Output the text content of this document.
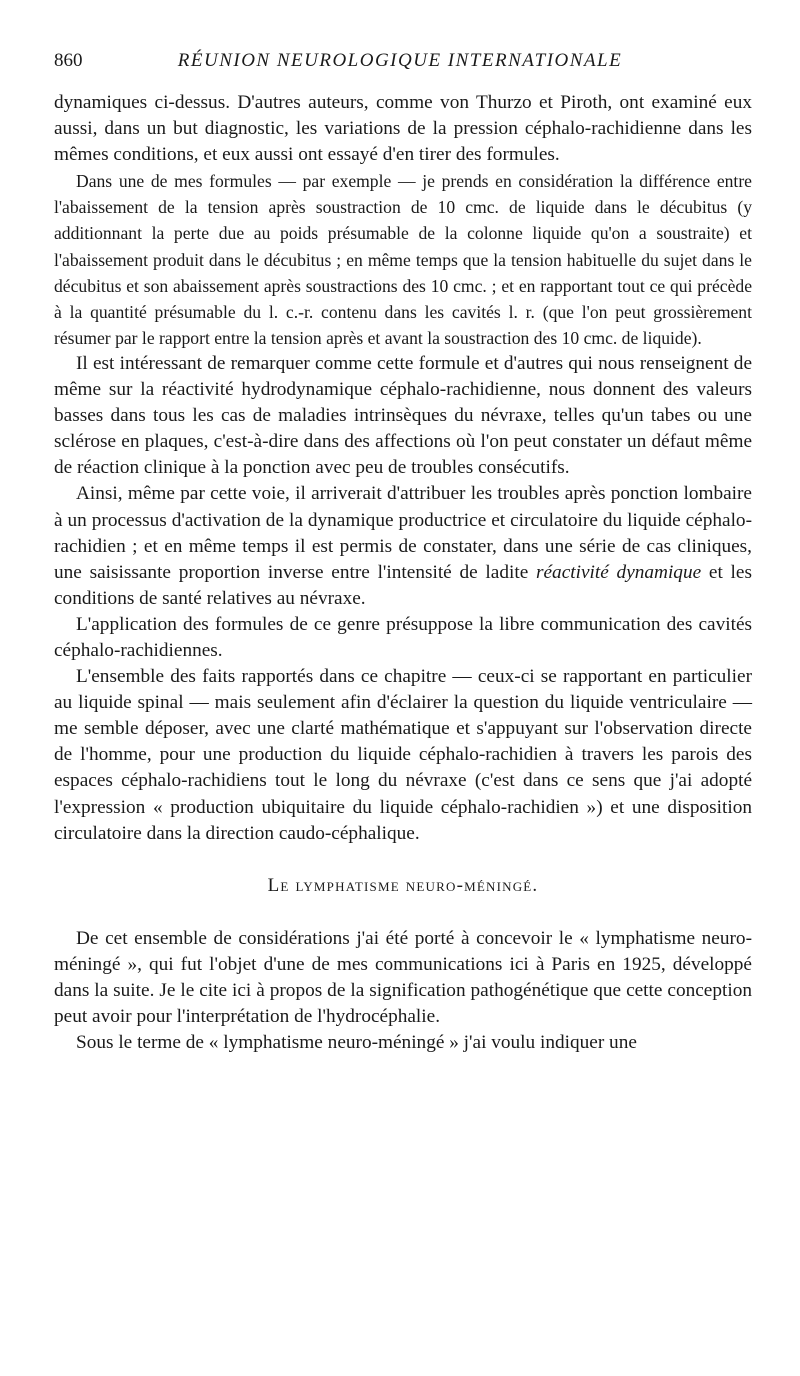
860	RÉUNION NEUROLOGIQUE INTERNATIONALE

dynamiques ci-dessus. D'autres auteurs, comme von Thurzo et Piroth, ont examiné eux aussi, dans un but diagnostic, les variations de la pression céphalo-rachidienne dans les mêmes conditions, et eux aussi ont essayé d'en tirer des formules.

Dans une de mes formules — par exemple — je prends en considération la différence entre l'abaissement de la tension après soustraction de 10 cmc. de liquide dans le décubitus (y additionnant la perte due au poids présumable de la colonne liquide qu'on a soustraite) et l'abaissement produit dans le décubitus ; en même temps que la tension habituelle du sujet dans le décubitus et son abaissement après soustractions des 10 cmc. ; et en rapportant tout ce qui précède à la quantité présumable du l. c.-r. contenu dans les cavités l. r. (que l'on peut grossièrement résumer par le rapport entre la tension après et avant la soustraction des 10 cmc. de liquide).

Il est intéressant de remarquer comme cette formule et d'autres qui nous renseignent de même sur la réactivité hydrodynamique céphalo-rachidienne, nous donnent des valeurs basses dans tous les cas de maladies intrinsèques du névraxe, telles qu'un tabes ou une sclérose en plaques, c'est-à-dire dans des affections où l'on peut constater un défaut même de réaction clinique à la ponction avec peu de troubles consécutifs.

Ainsi, même par cette voie, il arriverait d'attribuer les troubles après ponction lombaire à un processus d'activation de la dynamique productrice et circulatoire du liquide céphalo-rachidien ; et en même temps il est permis de constater, dans une série de cas cliniques, une saisissante proportion inverse entre l'intensité de ladite réactivité dynamique et les conditions de santé relatives au névraxe.

L'application des formules de ce genre présuppose la libre communication des cavités céphalo-rachidiennes.

L'ensemble des faits rapportés dans ce chapitre — ceux-ci se rapportant en particulier au liquide spinal — mais seulement afin d'éclairer la question du liquide ventriculaire — me semble déposer, avec une clarté mathématique et s'appuyant sur l'observation directe de l'homme, pour une production du liquide céphalo-rachidien à travers les parois des espaces céphalo-rachidiens tout le long du névraxe (c'est dans ce sens que j'ai adopté l'expression « production ubiquitaire du liquide céphalo-rachidien ») et une disposition circulatoire dans la direction caudo-céphalique.

Le lymphatisme neuro-méningé.

De cet ensemble de considérations j'ai été porté à concevoir le « lymphatisme neuro-méningé », qui fut l'objet d'une de mes communications ici à Paris en 1925, développé dans la suite. Je le cite ici à propos de la signification pathogénétique que cette conception peut avoir pour l'interprétation de l'hydrocéphalie.

Sous le terme de « lymphatisme neuro-méningé » j'ai voulu indiquer une
